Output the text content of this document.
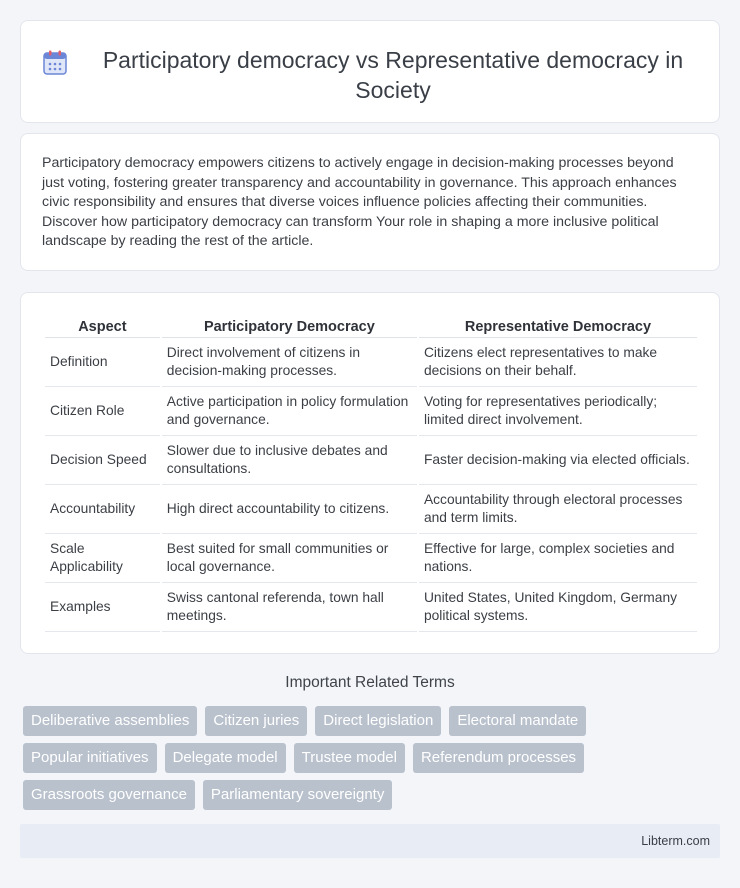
Participatory democracy vs Representative democracy in Society

Participatory democracy empowers citizens to actively engage in decision-making processes beyond just voting, fostering greater transparency and accountability in governance. This approach enhances civic responsibility and ensures that diverse voices influence policies affecting their communities. Discover how participatory democracy can transform Your role in shaping a more inclusive political landscape by reading the rest of the article.

Aspect	Participatory Democracy	Representative Democracy
Definition	Direct involvement of citizens in decision-making processes.	Citizens elect representatives to make decisions on their behalf.
Citizen Role	Active participation in policy formulation and governance.	Voting for representatives periodically; limited direct involvement.
Decision Speed	Slower due to inclusive debates and consultations.	Faster decision-making via elected officials.
Accountability	High direct accountability to citizens.	Accountability through electoral processes and term limits.
Scale Applicability	Best suited for small communities or local governance.	Effective for large, complex societies and nations.
Examples	Swiss cantonal referenda, town hall meetings.	United States, United Kingdom, Germany political systems.
Important Related Terms
Deliberative assemblies	Citizen juries	Direct legislation	Electoral mandate
Popular initiatives	Delegate model	Trustee model	Referendum processes
Grassroots governance	Parliamentary sovereignty
Libterm.com
